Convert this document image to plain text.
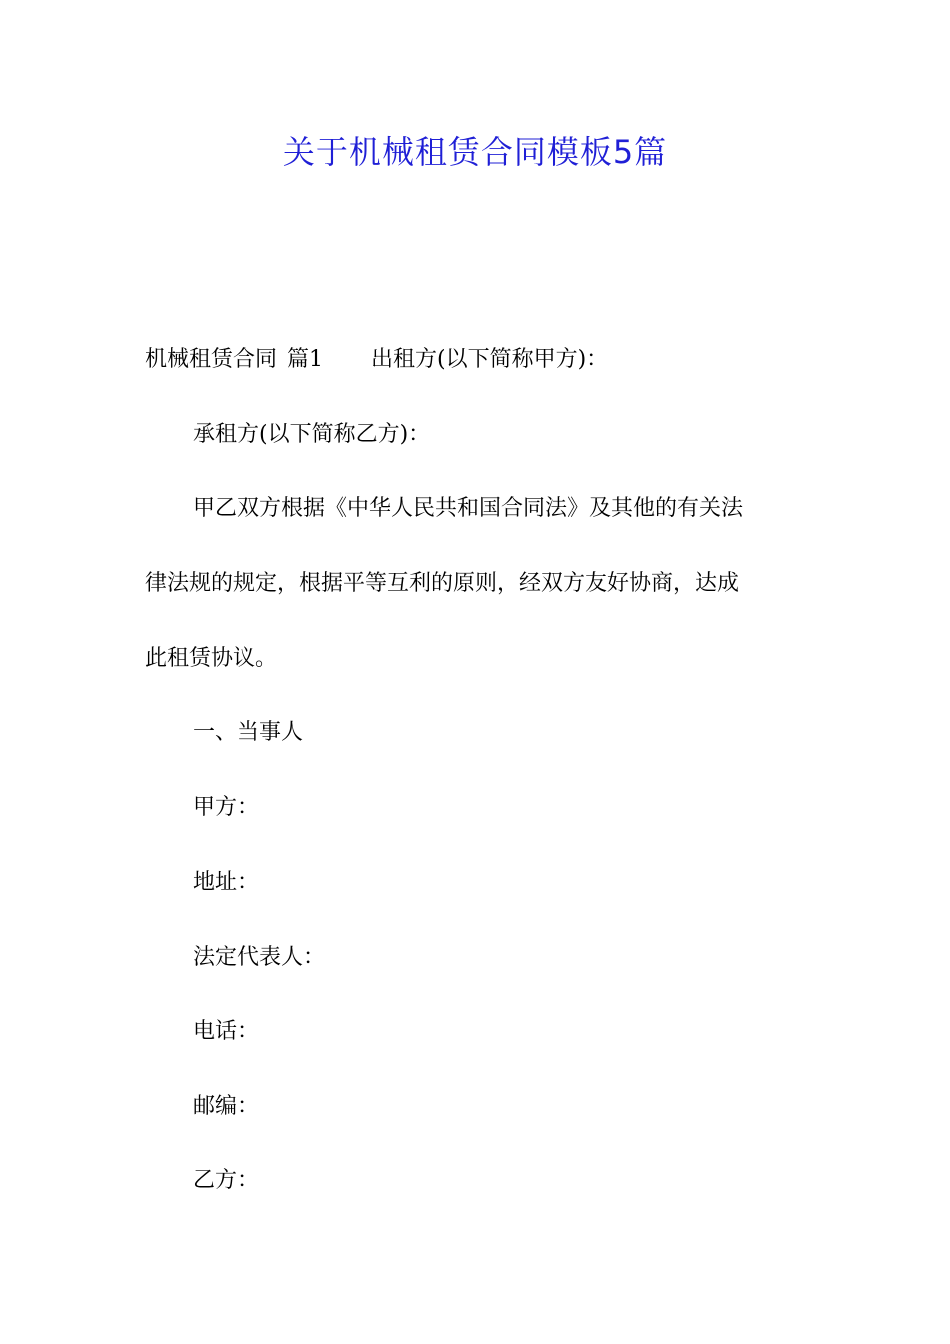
关于机械租赁合同模板5篇
机械租赁合同 篇1 出租方(以下简称甲方)：
承租方(以下简称乙方)：
甲乙双方根据《中华人民共和国合同法》及其他的有关法
律法规的规定，根据平等互利的原则，经双方友好协商，达成
此租赁协议。
一、当事人
甲方：
地址：
法定代表人：
电话：
邮编：
乙方：
